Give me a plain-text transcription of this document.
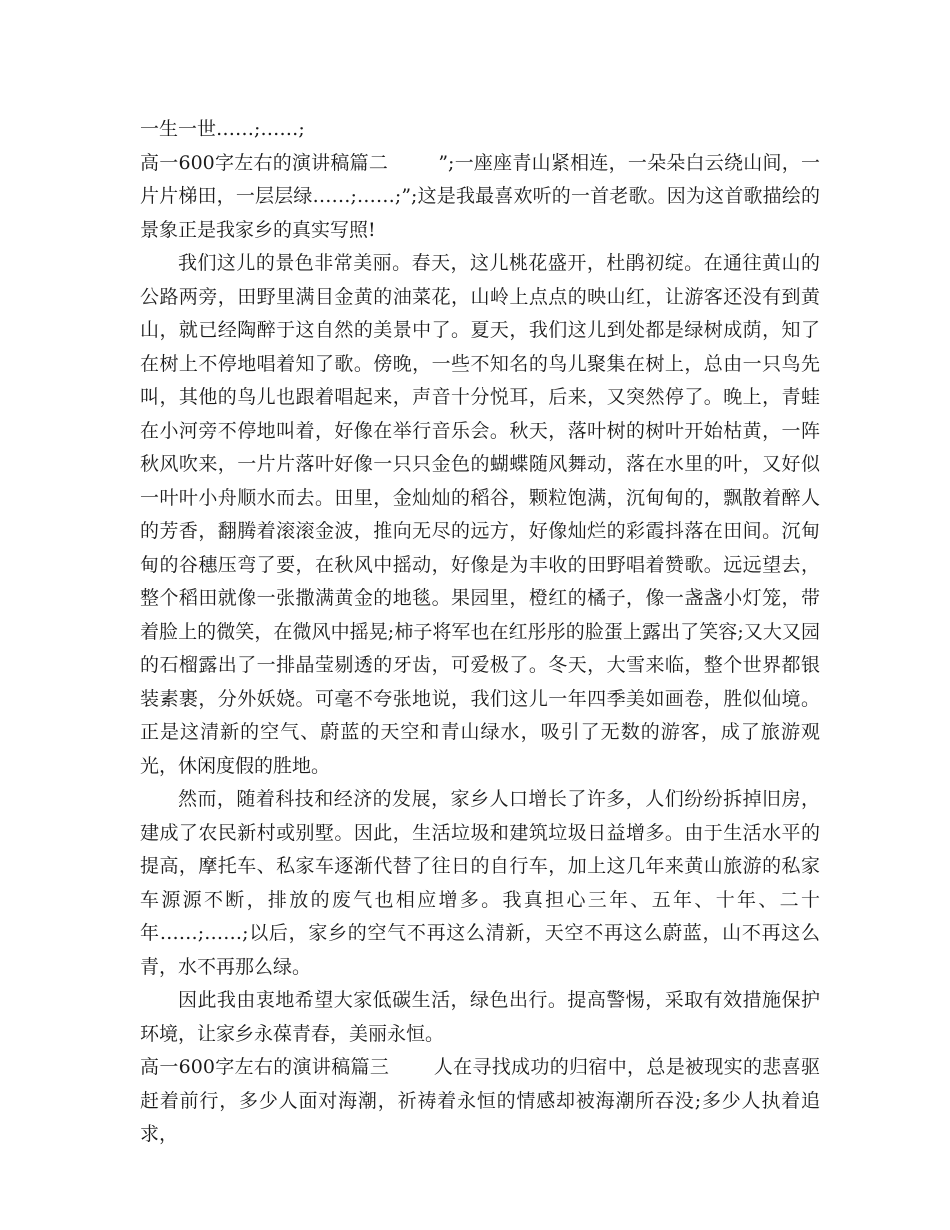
一生一世……;……;

高一600字左右的演讲稿篇二	”;一座座青山紧相连，一朵朵白云绕山间，一片片梯田，一层层绿……;……;”;这是我最喜欢听的一首老歌。因为这首歌描绘的景象正是我家乡的真实写照!

我们这儿的景色非常美丽。春天，这儿桃花盛开，杜鹃初绽。在通往黄山的公路两旁，田野里满目金黄的油菜花，山岭上点点的映山红，让游客还没有到黄山，就已经陶醉于这自然的美景中了。夏天，我们这儿到处都是绿树成荫，知了在树上不停地唱着知了歌。傍晚，一些不知名的鸟儿聚集在树上，总由一只鸟先叫，其他的鸟儿也跟着唱起来，声音十分悦耳，后来，又突然停了。晚上，青蛙在小河旁不停地叫着，好像在举行音乐会。秋天，落叶树的树叶开始枯黄，一阵秋风吹来，一片片落叶好像一只只金色的蝴蝶随风舞动，落在水里的叶，又好似一叶叶小舟顺水而去。田里，金灿灿的稻谷，颗粒饱满，沉甸甸的，飘散着醉人的芳香，翻腾着滚滚金波，推向无尽的远方，好像灿烂的彩霞抖落在田间。沉甸甸的谷穗压弯了要，在秋风中摇动，好像是为丰收的田野唱着赞歌。远远望去，整个稻田就像一张撒满黄金的地毯。果园里，橙红的橘子，像一盏盏小灯笼，带着脸上的微笑，在微风中摇晃;柿子将军也在红彤彤的脸蛋上露出了笑容;又大又园的石榴露出了一排晶莹剔透的牙齿，可爱极了。冬天，大雪来临，整个世界都银装素裹，分外妖娆。可毫不夸张地说，我们这儿一年四季美如画卷，胜似仙境。正是这清新的空气、蔚蓝的天空和青山绿水，吸引了无数的游客，成了旅游观光，休闲度假的胜地。

然而，随着科技和经济的发展，家乡人口增长了许多，人们纷纷拆掉旧房，建成了农民新村或别墅。因此，生活垃圾和建筑垃圾日益增多。由于生活水平的提高，摩托车、私家车逐渐代替了往日的自行车，加上这几年来黄山旅游的私家车源源不断，排放的废气也相应增多。我真担心三年、五年、十年、二十年……;……;以后，家乡的空气不再这么清新，天空不再这么蔚蓝，山不再这么青，水不再那么绿。

因此我由衷地希望大家低碳生活，绿色出行。提高警惕，采取有效措施保护环境，让家乡永葆青春，美丽永恒。

高一600字左右的演讲稿篇三 人在寻找成功的归宿中，总是被现实的悲喜驱赶着前行，多少人面对海潮，祈祷着永恒的情感却被海潮所吞没;多少人执着追求，
